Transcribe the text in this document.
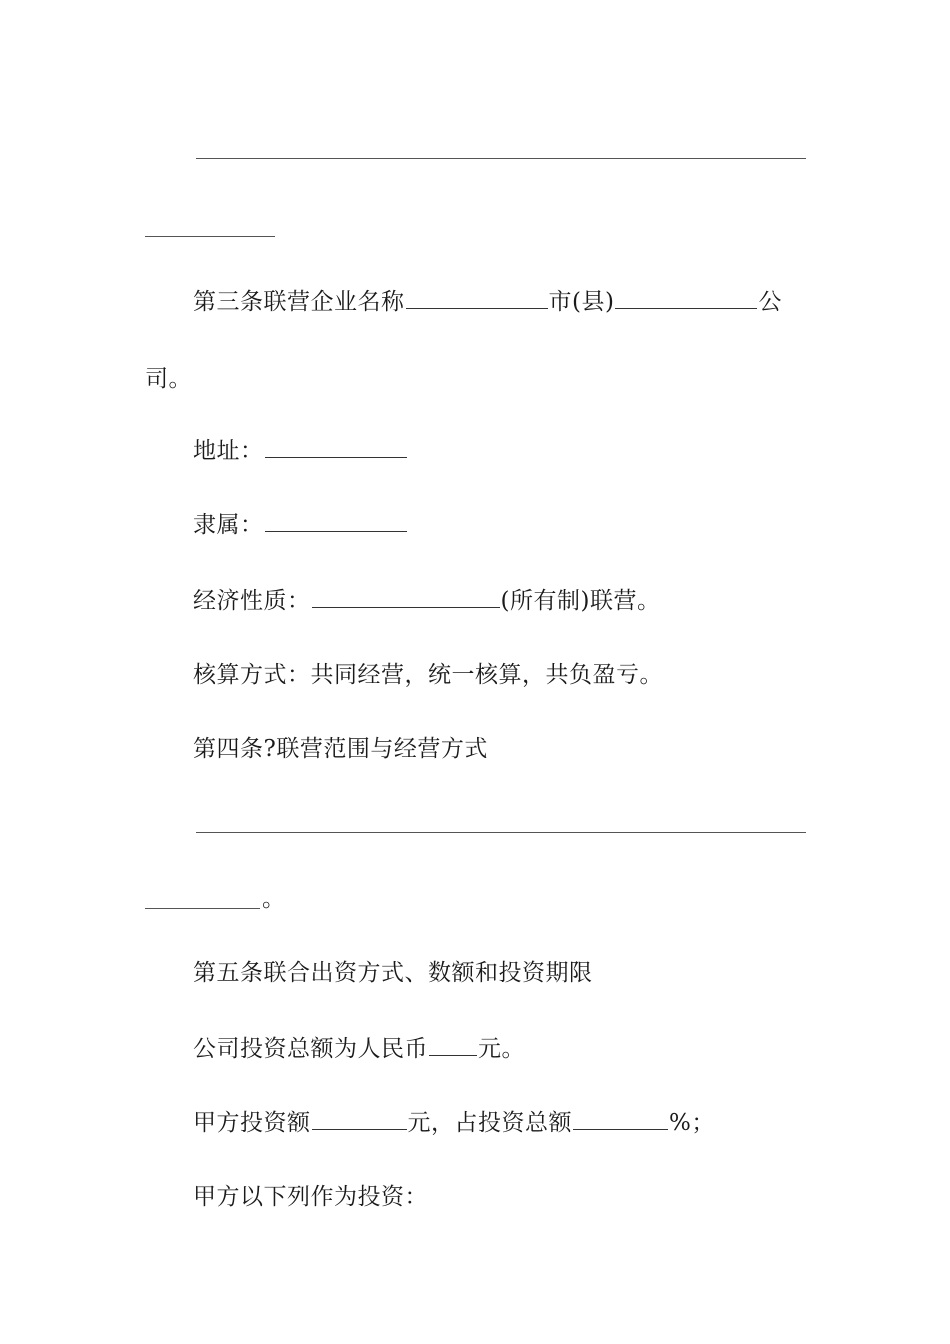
第三条联营企业名称	市(县)	公
司。
地址：
隶属：
经济性质：	(所有制)联营。
核算方式：共同经营，统一核算，共负盈亏。
第四条?联营范围与经营方式
。
第五条联合出资方式、数额和投资期限
公司投资总额为人民币 元。
甲方投资额	元，占投资总额	%；
甲方以下列作为投资：
